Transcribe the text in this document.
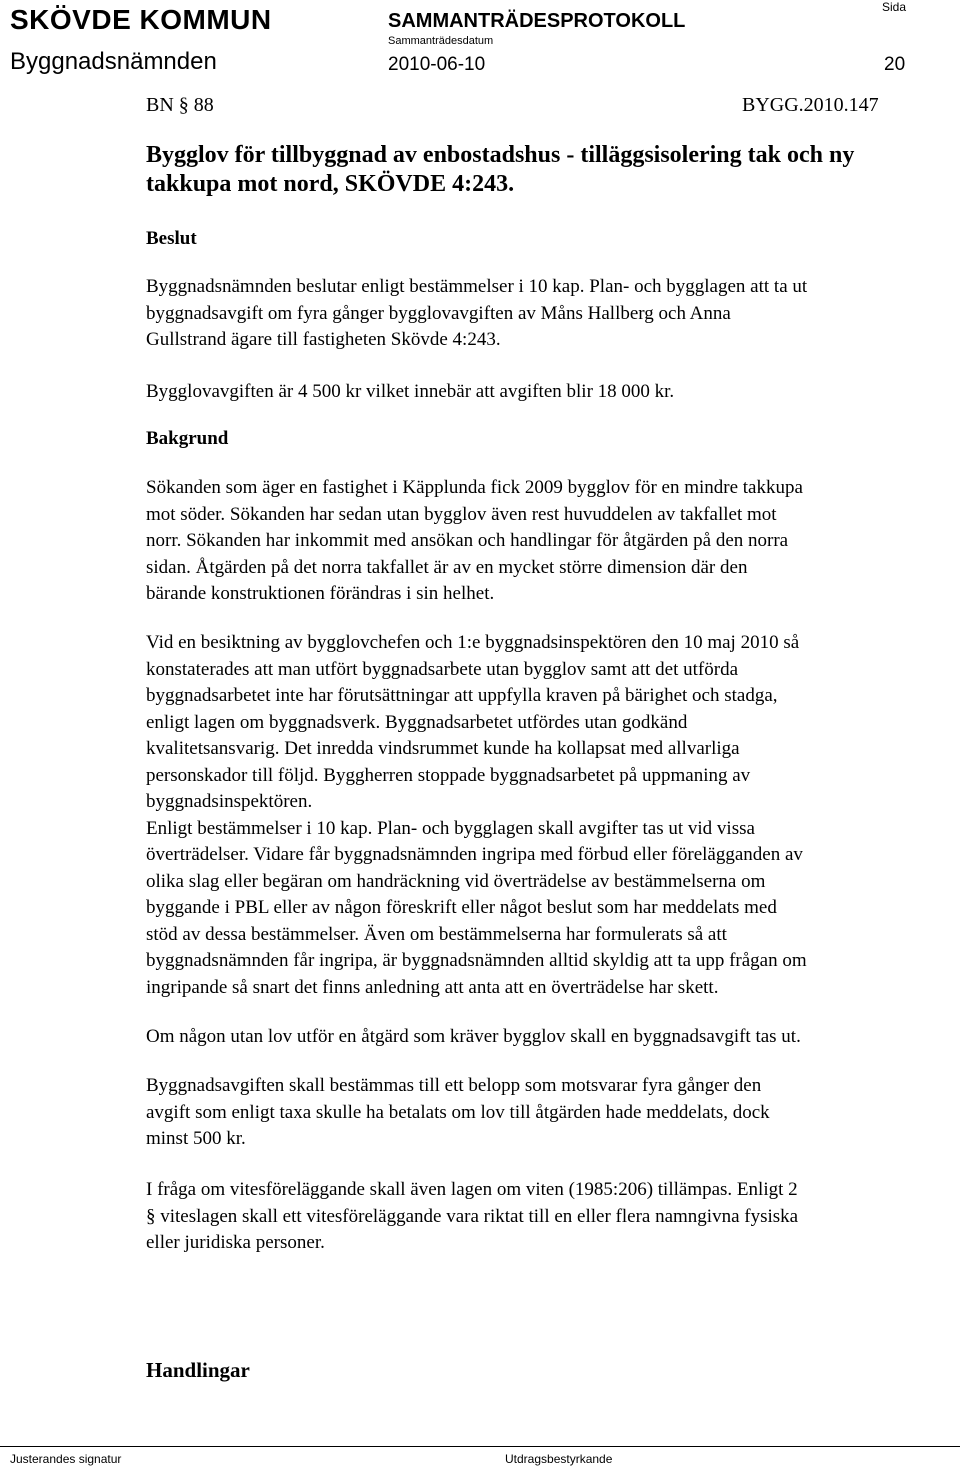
SKÖVDE KOMMUN	SAMMANTRÄDESPROTOKOLL
Sammanträdesdatum
Sida
Byggnadsnämnden	2010-06-10	20
BN § 88	BYGG.2010.147
Bygglov för tillbyggnad av enbostadshus - tilläggsisolering tak och ny
takkupa mot nord, SKÖVDE 4:243.
Beslut
Byggnadsnämnden beslutar enligt bestämmelser i 10 kap. Plan- och bygglagen att ta ut
byggnadsavgift om fyra gånger bygglovavgiften av Måns Hallberg och Anna
Gullstrand ägare till fastigheten Skövde 4:243.
Bygglovavgiften är 4 500 kr vilket innebär att avgiften blir 18 000 kr.
Bakgrund
Sökanden som äger en fastighet i Käpplunda fick 2009 bygglov för en mindre takkupa
mot söder. Sökanden har sedan utan bygglov även rest huvuddelen av takfallet mot
norr. Sökanden har inkommit med ansökan och handlingar för åtgärden på den norra
sidan. Åtgärden på det norra takfallet är av en mycket större dimension där den
bärande konstruktionen förändras i sin helhet.
Vid en besiktning av bygglovchefen och 1:e byggnadsinspektören den 10 maj 2010 så
konstaterades att man utfört byggnadsarbete utan bygglov samt att det utförda
byggnadsarbetet inte har förutsättningar att uppfylla kraven på bärighet och stadga,
enligt lagen om byggnadsverk. Byggnadsarbetet utfördes utan godkänd
kvalitetsansvarig. Det inredda vindsrummet kunde ha kollapsat med allvarliga
personskador till följd. Byggherren stoppade byggnadsarbetet på uppmaning av
byggnadsinspektören.
Enligt bestämmelser i 10 kap. Plan- och bygglagen skall avgifter tas ut vid vissa
överträdelser. Vidare får byggnadsnämnden ingripa med förbud eller förelägganden av
olika slag eller begäran om handräckning vid överträdelse av bestämmelserna om
byggande i PBL eller av någon föreskrift eller något beslut som har meddelats med
stöd av dessa bestämmelser. Även om bestämmelserna har formulerats så att
byggnadsnämnden får ingripa, är byggnadsnämnden alltid skyldig att ta upp frågan om
ingripande så snart det finns anledning att anta att en överträdelse har skett.
Om någon utan lov utför en åtgärd som kräver bygglov skall en byggnadsavgift tas ut.
Byggnadsavgiften skall bestämmas till ett belopp som motsvarar fyra gånger den
avgift som enligt taxa skulle ha betalats om lov till åtgärden hade meddelats, dock
minst 500 kr.
I fråga om vitesföreläggande skall även lagen om viten (1985:206) tillämpas. Enligt 2
§ viteslagen skall ett vitesföreläggande vara riktat till en eller flera namngivna fysiska
eller juridiska personer.
Handlingar
Justerandes signatur	Utdragsbestyrkande
